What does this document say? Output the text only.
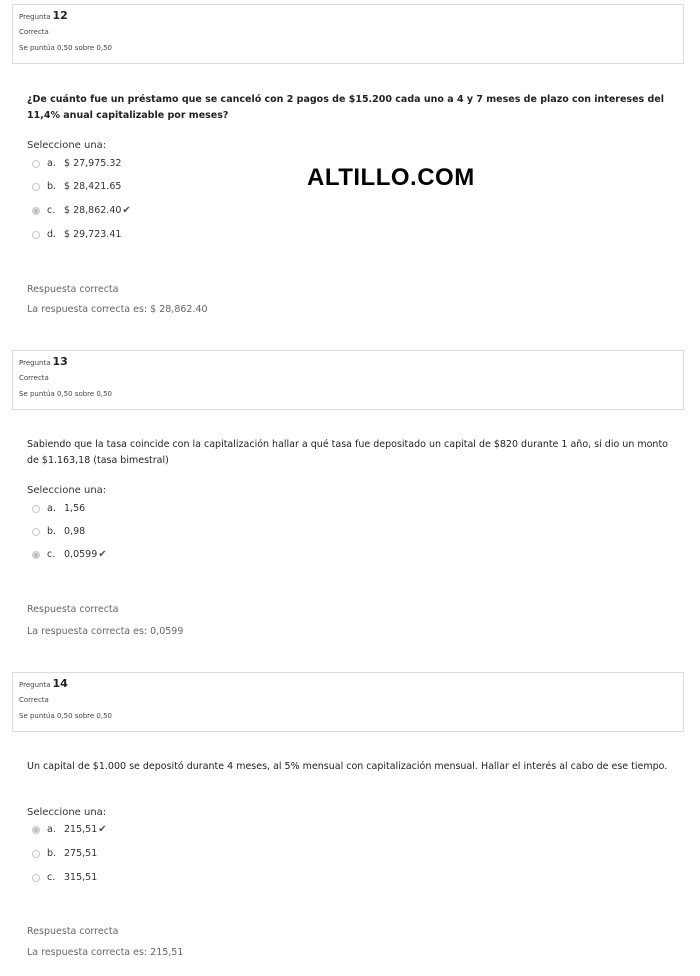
Pregunta 12
Correcta
Se puntúa 0,50 sobre 0,50
¿De cuánto fue un préstamo que se canceló con 2 pagos de $15.200 cada uno a 4 y 7 meses de plazo con intereses del 11,4% anual capitalizable por meses?
Seleccione una:
a. $ 27,975.32
b. $ 28,421.65
c. $ 28,862.40 ✔
d. $ 29,723.41
Respuesta correcta
La respuesta correcta es: $ 28,862.40
ALTILLO.COM
Pregunta 13
Correcta
Se puntúa 0,50 sobre 0,50
Sabiendo que la tasa coincide con la capitalización hallar a qué tasa fue depositado un capital de $820 durante 1 año, si dio un monto de $1.163,18 (tasa bimestral)
Seleccione una:
a. 1,56
b. 0,98
c. 0,0599 ✔
Respuesta correcta
La respuesta correcta es: 0,0599
Pregunta 14
Correcta
Se puntúa 0,50 sobre 0,50
Un capital de $1.000 se depositó durante 4 meses, al 5% mensual con capitalización mensual. Hallar el interés al cabo de ese tiempo.
Seleccione una:
a. 215,51 ✔
b. 275,51
c. 315,51
Respuesta correcta
La respuesta correcta es: 215,51
